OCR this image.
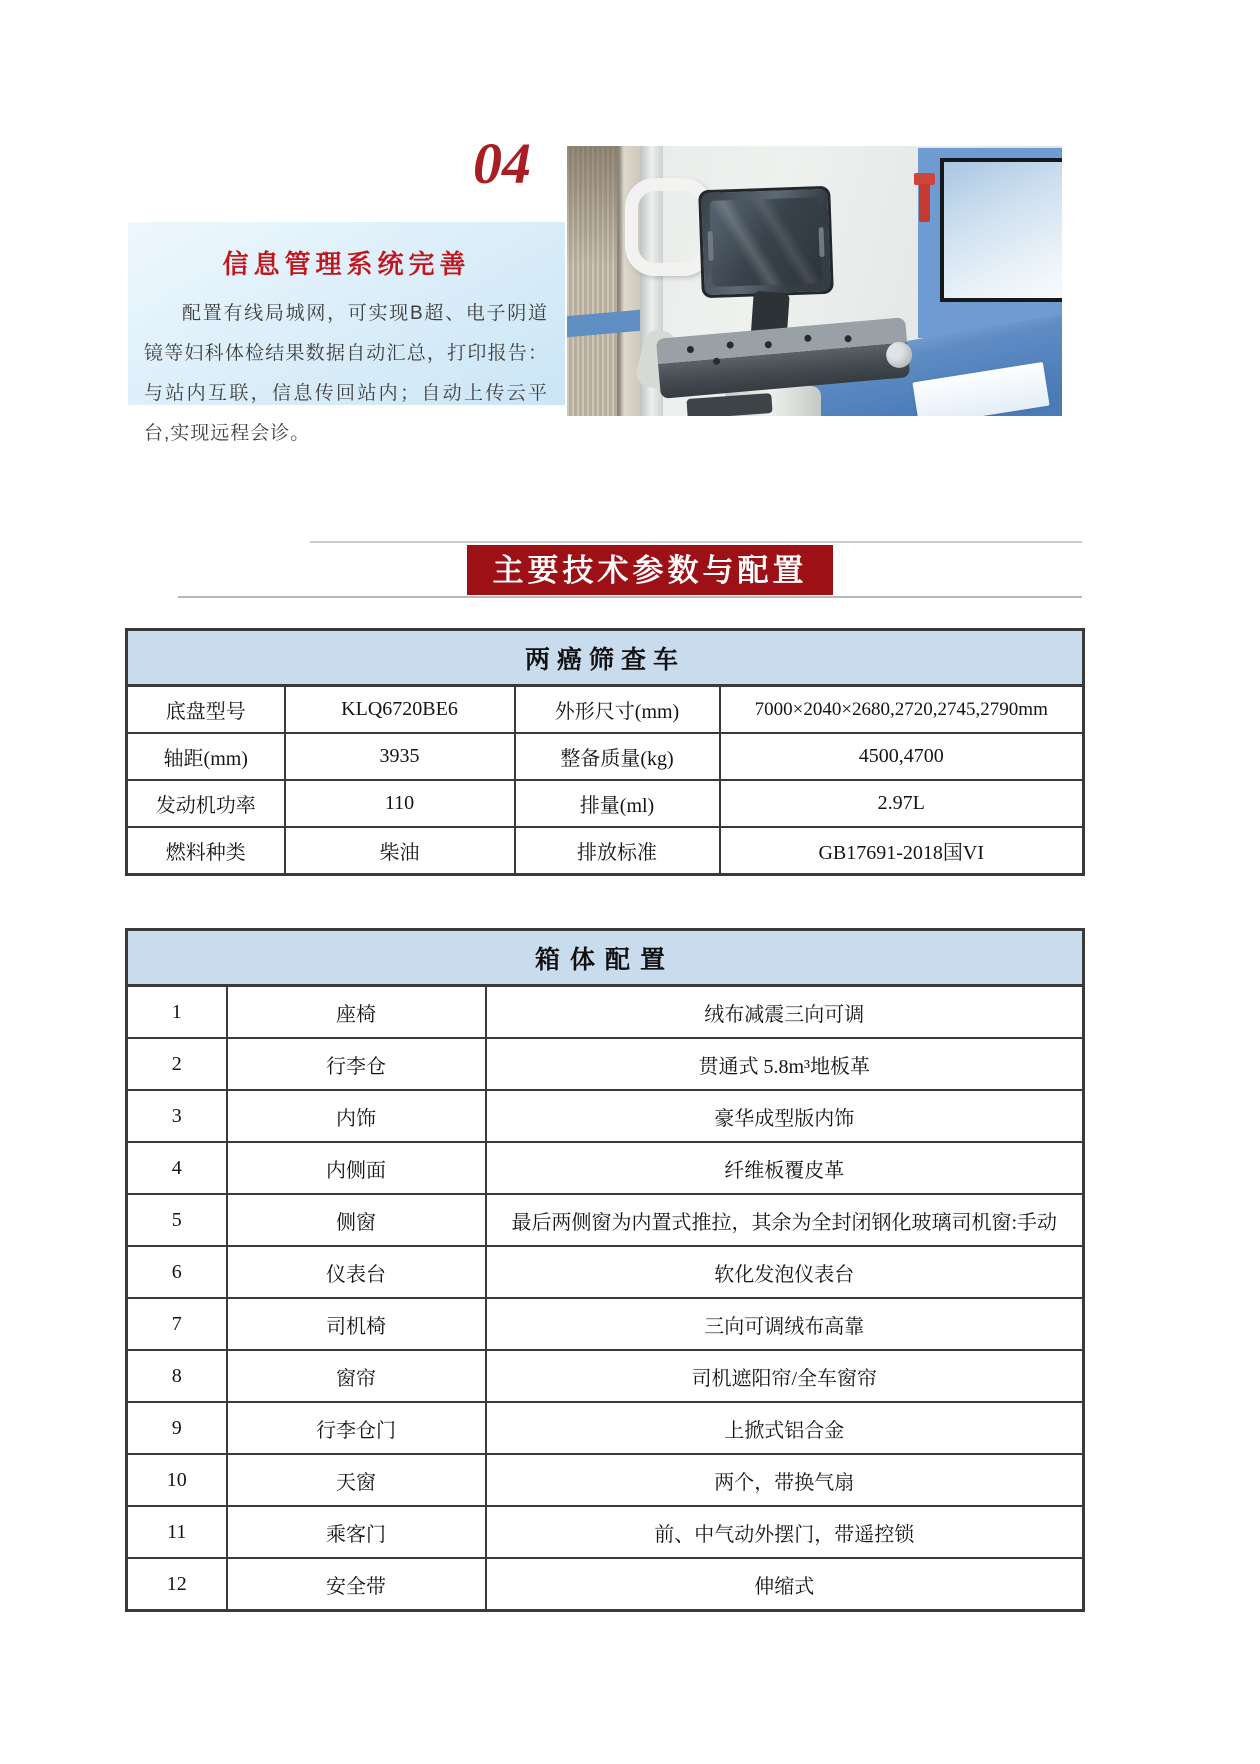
04
信息管理系统完善
配置有线局城网，可实现B超、电子阴道镜等妇科体检结果数据自动汇总，打印报告：与站内互联，信息传回站内；自动上传云平台,实现远程会诊。
主要技术参数与配置
两癌筛查车			
底盘型号	KLQ6720BE6	外形尺寸(mm)	7000×2040×2680,2720,2745,2790mm
轴距(mm)	3935	整备质量(kg)	4500,4700
发动机功率	110	排量(ml)	2.97L
燃料种类	柴油	排放标准	GB17691-2018国VI
箱体配置		
1	座椅	绒布减震三向可调
2	行李仓	贯通式 5.8m³地板革
3	内饰	豪华成型版内饰
4	内侧面	纤维板覆皮革
5	侧窗	最后两侧窗为内置式推拉，其余为全封闭钢化玻璃司机窗:手动
6	仪表台	软化发泡仪表台
7	司机椅	三向可调绒布高靠
8	窗帘	司机遮阳帘/全车窗帘
9	行李仓门	上掀式铝合金
10	天窗	两个，带换气扇
11	乘客门	前、中气动外摆门，带遥控锁
12	安全带	伸缩式
